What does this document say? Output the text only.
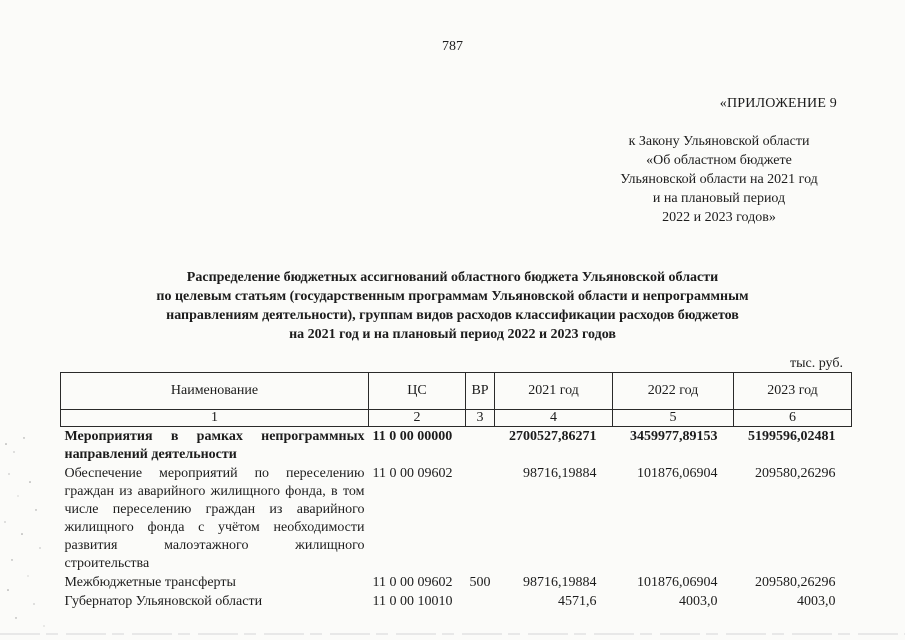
787
«ПРИЛОЖЕНИЕ 9
к Закону Ульяновской области
«Об областном бюджете
Ульяновской области на 2021 год
и на плановый период
2022 и 2023 годов»
Распределение бюджетных ассигнований областного бюджета Ульяновской области
по целевым статьям (государственным программам Ульяновской области и непрограммным
направлениям деятельности), группам видов расходов классификации расходов бюджетов
на 2021 год и на плановый период 2022 и 2023 годов
тыс. руб.
Наименование	ЦС	ВР	2021 год	2022 год	2023 год
1	2	3	4	5	6
Мероприятия в рамках непрограммных направлений деятельности	11 0 00 00000		2700527,86271	3459977,89153	5199596,02481
Обеспечение мероприятий по переселению граждан из аварийного жилищного фонда, в том числе переселению граждан из аварийного жилищного фонда с учётом необходимости развития малоэтажного жилищного строительства	11 0 00 09602		98716,19884	101876,06904	209580,26296
Межбюджетные трансферты	11 0 00 09602	500	98716,19884	101876,06904	209580,26296
Губернатор Ульяновской области	11 0 00 10010		4571,6	4003,0	4003,0
